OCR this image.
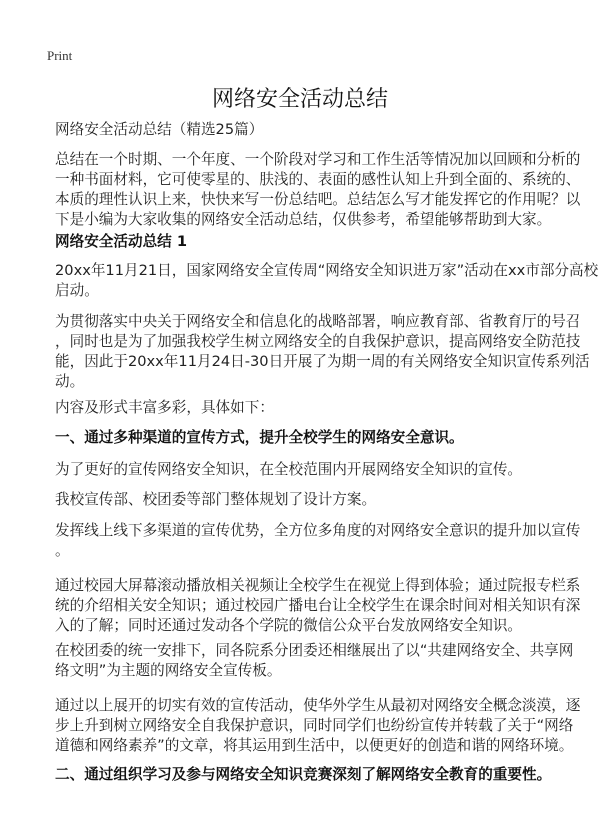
Print
网络安全活动总结
网络安全活动总结（精选25篇）
总结在一个时期、一个年度、一个阶段对学习和工作生活等情况加以回顾和分析的
一种书面材料，它可使零星的、肤浅的、表面的感性认知上升到全面的、系统的、
本质的理性认识上来，快快来写一份总结吧。总结怎么写才能发挥它的作用呢？以
下是小编为大家收集的网络安全活动总结，仅供参考，希望能够帮助到大家。
网络安全活动总结 1
20xx年11月21日，国家网络安全宣传周“网络安全知识进万家”活动在xx市部分高校
启动。
为贯彻落实中央关于网络安全和信息化的战略部署，响应教育部、省教育厅的号召
，同时也是为了加强我校学生树立网络安全的自我保护意识，提高网络安全防范技
能，因此于20xx年11月24日-30日开展了为期一周的有关网络安全知识宣传系列活
动。
内容及形式丰富多彩，具体如下：
一、通过多种渠道的宣传方式，提升全校学生的网络安全意识。
为了更好的宣传网络安全知识，在全校范围内开展网络安全知识的宣传。
我校宣传部、校团委等部门整体规划了设计方案。
发挥线上线下多渠道的宣传优势，全方位多角度的对网络安全意识的提升加以宣传
。
通过校园大屏幕滚动播放相关视频让全校学生在视觉上得到体验；通过院报专栏系
统的介绍相关安全知识；通过校园广播电台让全校学生在课余时间对相关知识有深
入的了解；同时还通过发动各个学院的微信公众平台发放网络安全知识。
在校团委的统一安排下，同各院系分团委还相继展出了以“共建网络安全、共享网
络文明”为主题的网络安全宣传板。
通过以上展开的切实有效的宣传活动，使华外学生从最初对网络安全概念淡漠，逐
步上升到树立网络安全自我保护意识，同时同学们也纷纷宣传并转载了关于“网络
道德和网络素养”的文章，将其运用到生活中，以便更好的创造和谐的网络环境。
二、通过组织学习及参与网络安全知识竞赛深刻了解网络安全教育的重要性。
